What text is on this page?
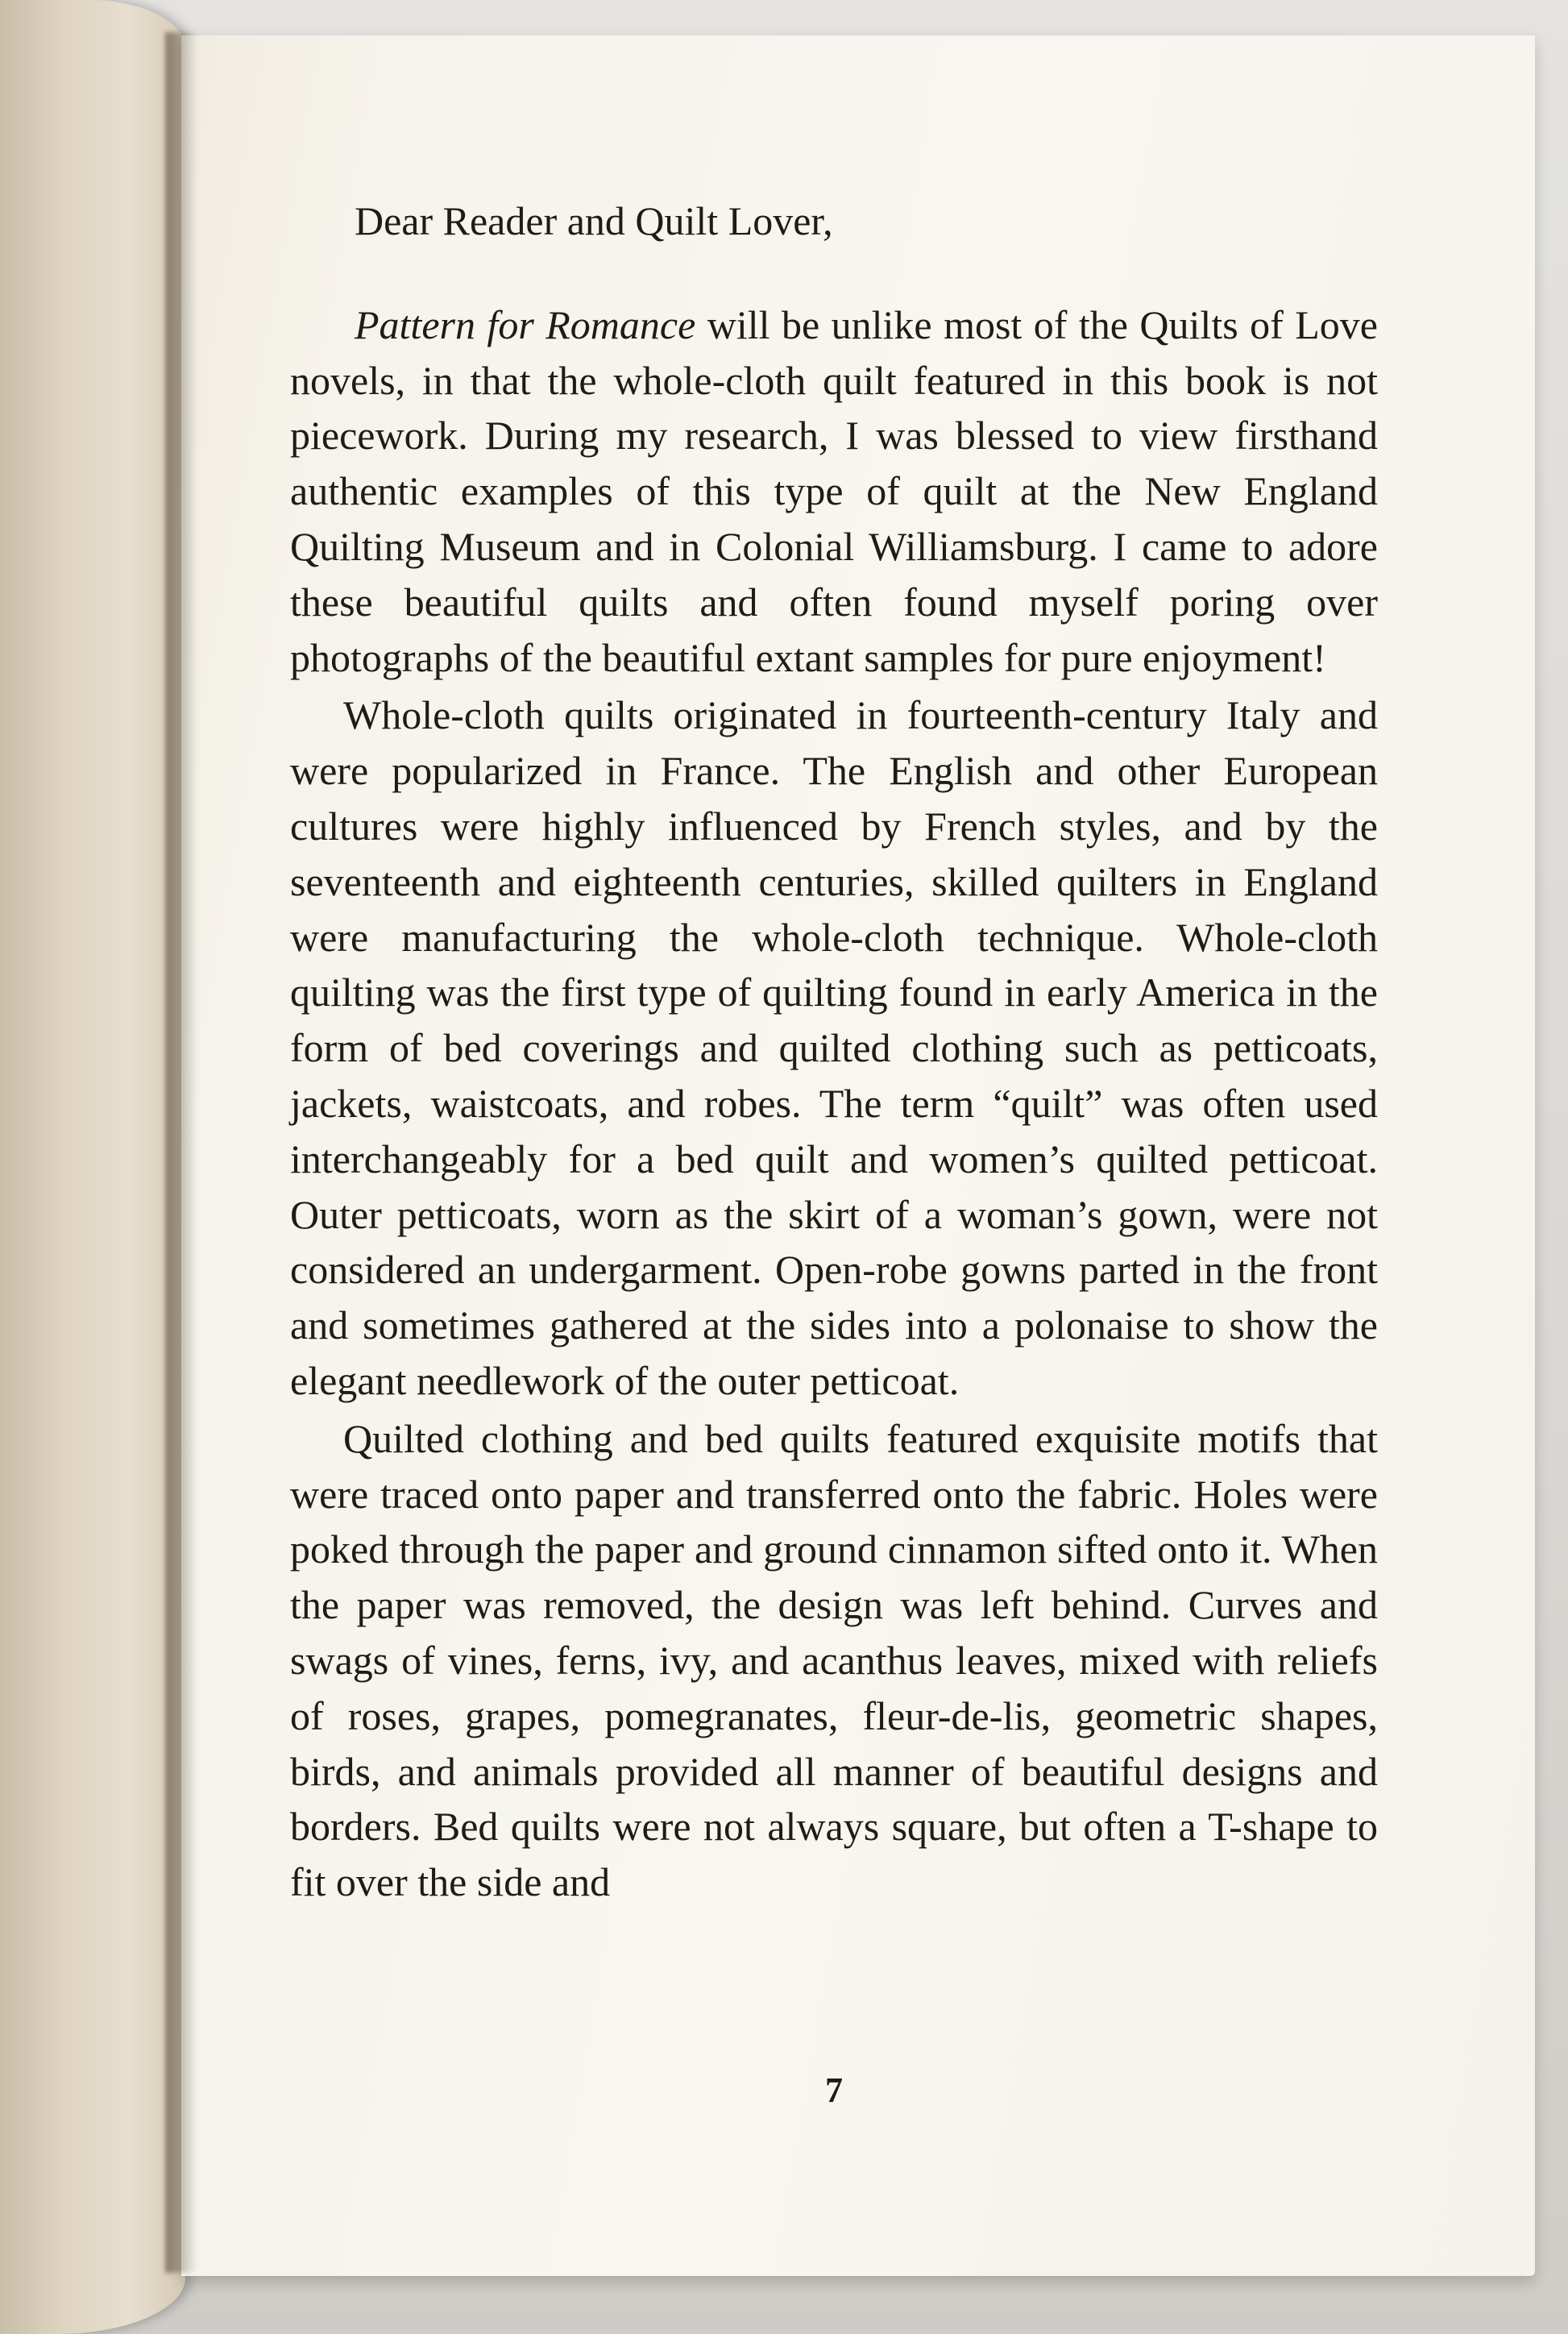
Dear Reader and Quilt Lover,

Pattern for Romance will be unlike most of the Quilts of Love novels, in that the whole-cloth quilt featured in this book is not piecework. During my research, I was blessed to view firsthand authentic examples of this type of quilt at the New England Quilting Museum and in Colonial Williamsburg. I came to adore these beautiful quilts and often found myself poring over photographs of the beautiful extant samples for pure enjoyment!

Whole-cloth quilts originated in fourteenth-century Italy and were popularized in France. The English and other European cultures were highly influenced by French styles, and by the seventeenth and eighteenth centuries, skilled quilters in England were manufacturing the whole-cloth technique. Whole-cloth quilting was the first type of quilting found in early America in the form of bed coverings and quilted clothing such as petticoats, jackets, waistcoats, and robes. The term “quilt” was often used interchangeably for a bed quilt and women’s quilted petticoat. Outer petticoats, worn as the skirt of a woman’s gown, were not considered an undergarment. Open-robe gowns parted in the front and sometimes gathered at the sides into a polonaise to show the elegant needlework of the outer petticoat.

Quilted clothing and bed quilts featured exquisite motifs that were traced onto paper and transferred onto the fabric. Holes were poked through the paper and ground cinnamon sifted onto it. When the paper was removed, the design was left behind. Curves and swags of vines, ferns, ivy, and acanthus leaves, mixed with reliefs of roses, grapes, pomegranates, fleur-de-lis, geometric shapes, birds, and animals provided all manner of beautiful designs and borders. Bed quilts were not always square, but often a T-shape to fit over the side and

7
